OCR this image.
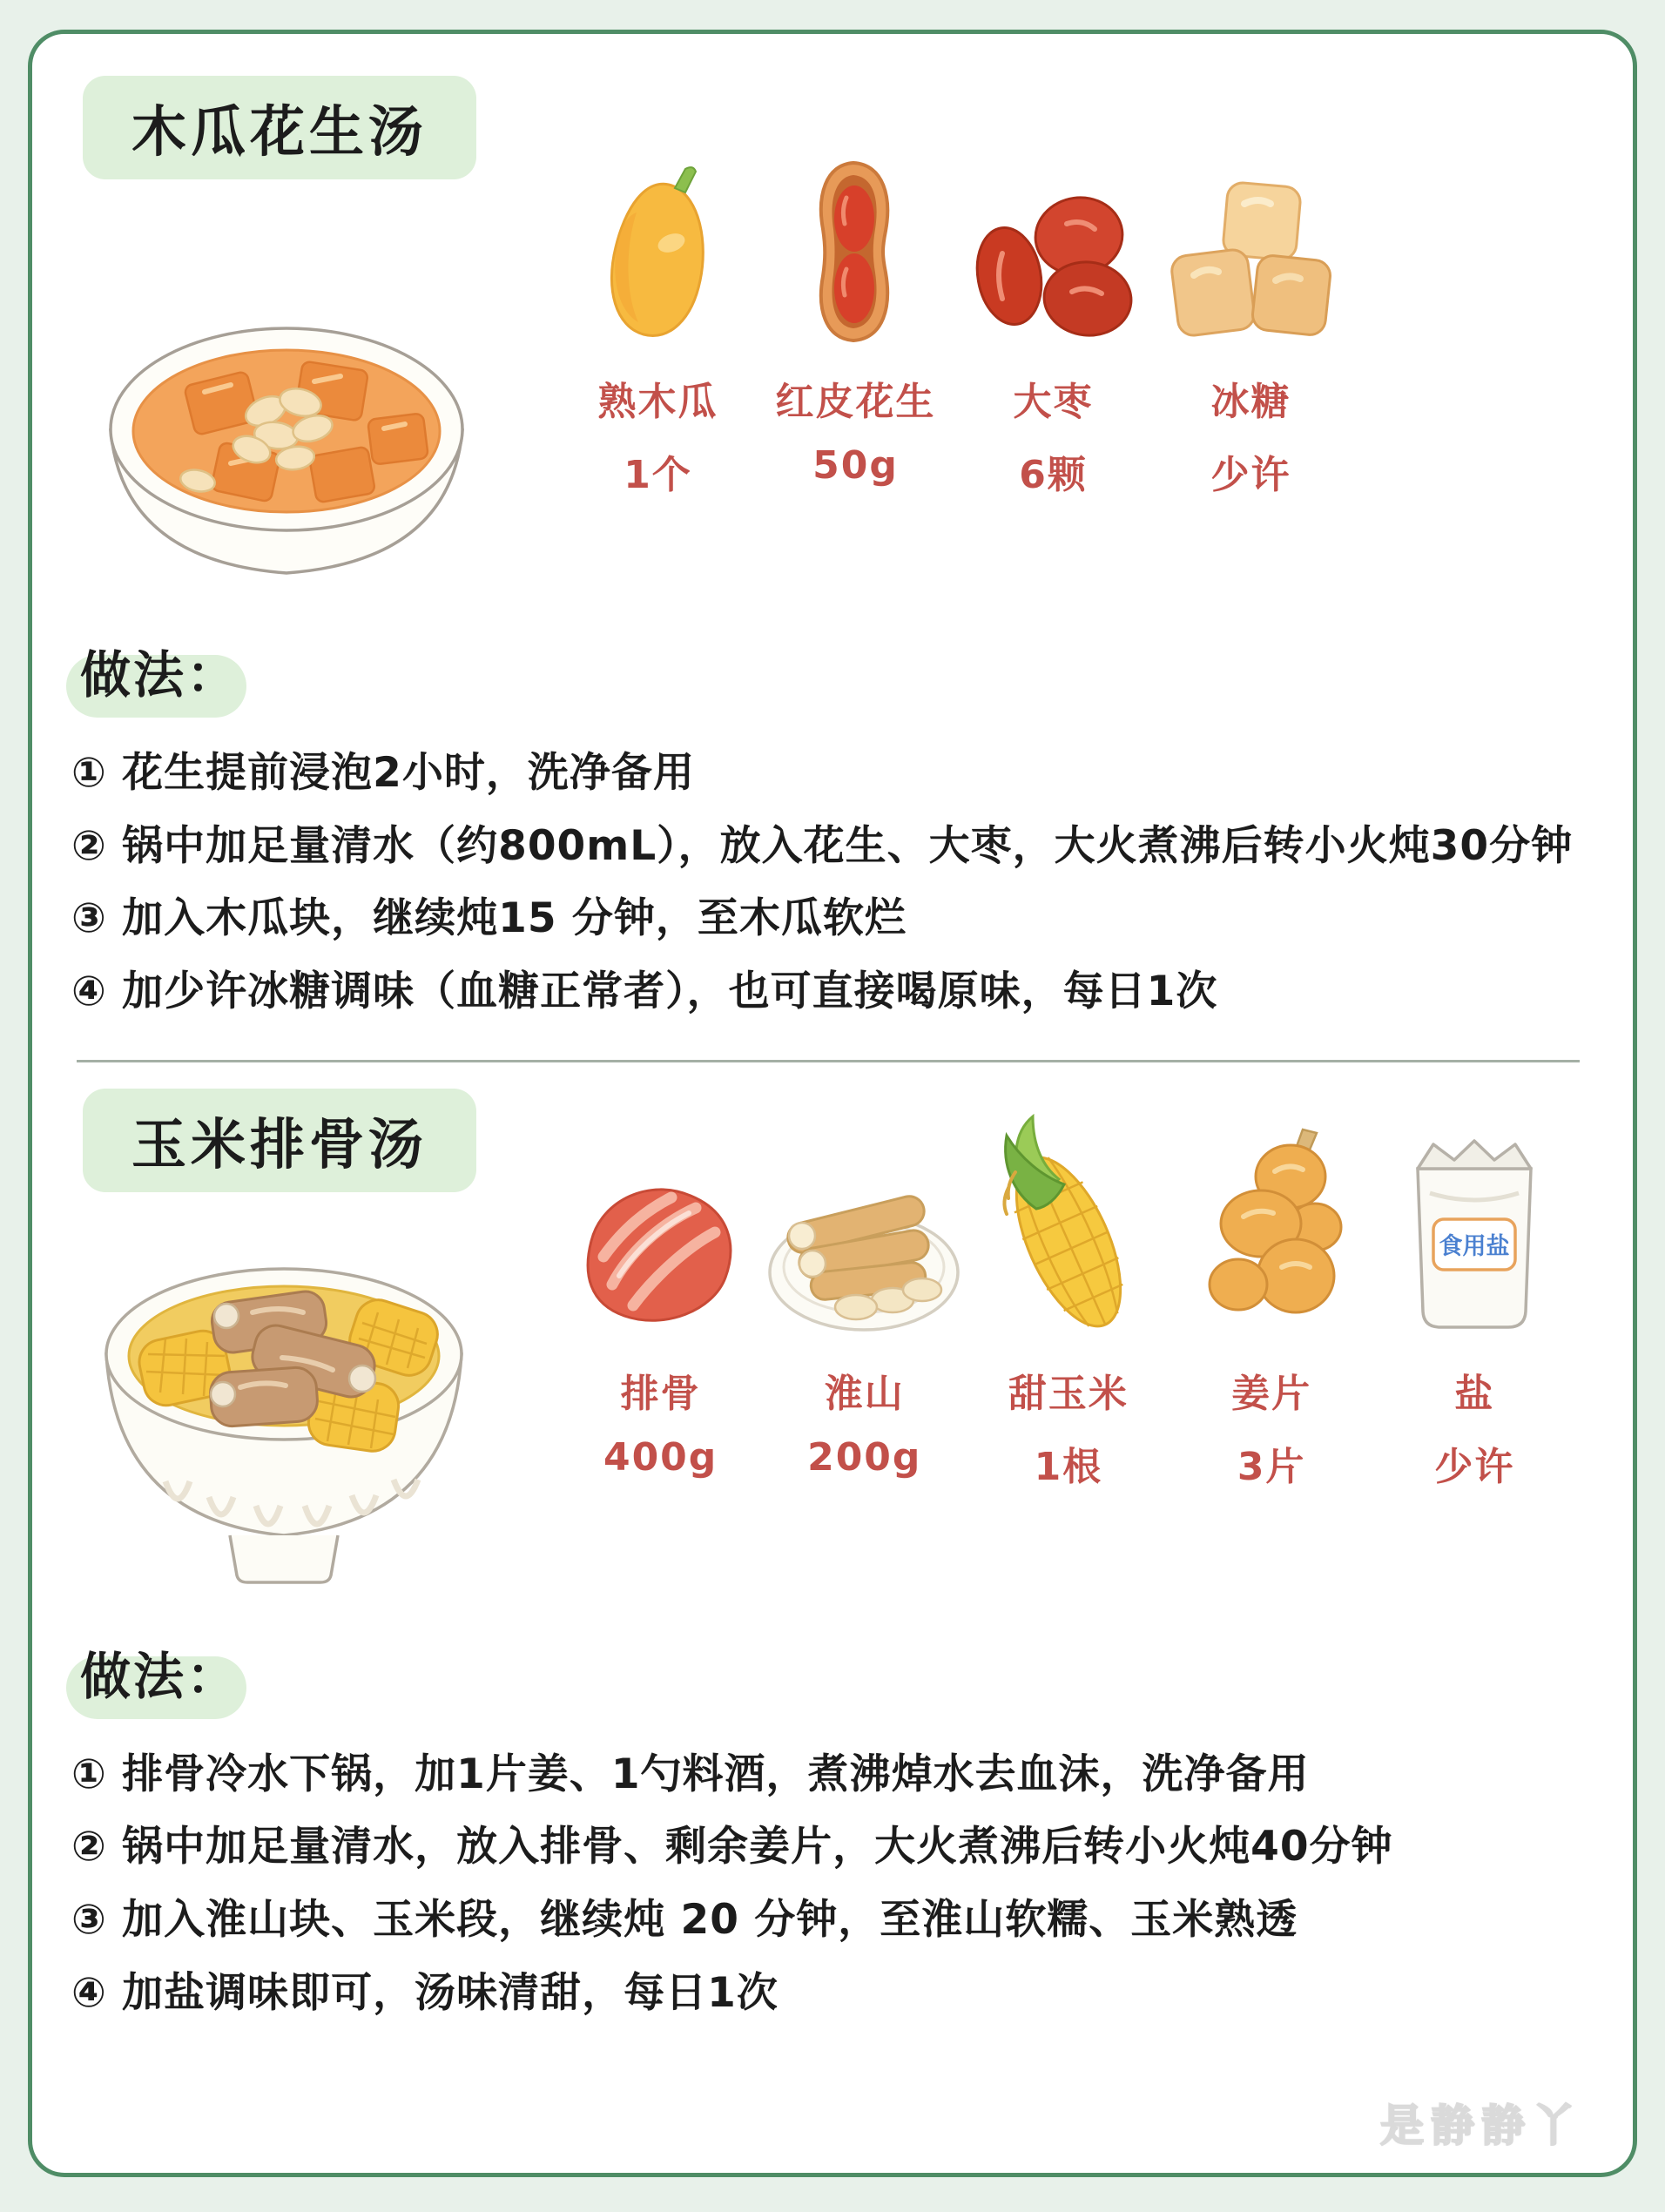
木瓜花生汤
熟木瓜
1个
红皮花生
50g
大枣
6颗
冰糖
少许
做法：

① 花生提前浸泡2小时，洗净备用

② 锅中加足量清水（约800mL），放入花生、大枣，大火煮沸后转小火炖30分钟

③ 加入木瓜块，继续炖15 分钟，至木瓜软烂

④ 加少许冰糖调味（血糖正常者），也可直接喝原味，每日1次

玉米排骨汤
排骨
400g
淮山
200g
甜玉米
1根
姜片
3片
食用盐
盐
少许
做法：

① 排骨冷水下锅，加1片姜、1勺料酒，煮沸焯水去血沫，洗净备用

② 锅中加足量清水，放入排骨、剩余姜片，大火煮沸后转小火炖40分钟

③ 加入淮山块、玉米段，继续炖 20 分钟，至淮山软糯、玉米熟透

④ 加盐调味即可，汤味清甜，每日1次

是静静丫
